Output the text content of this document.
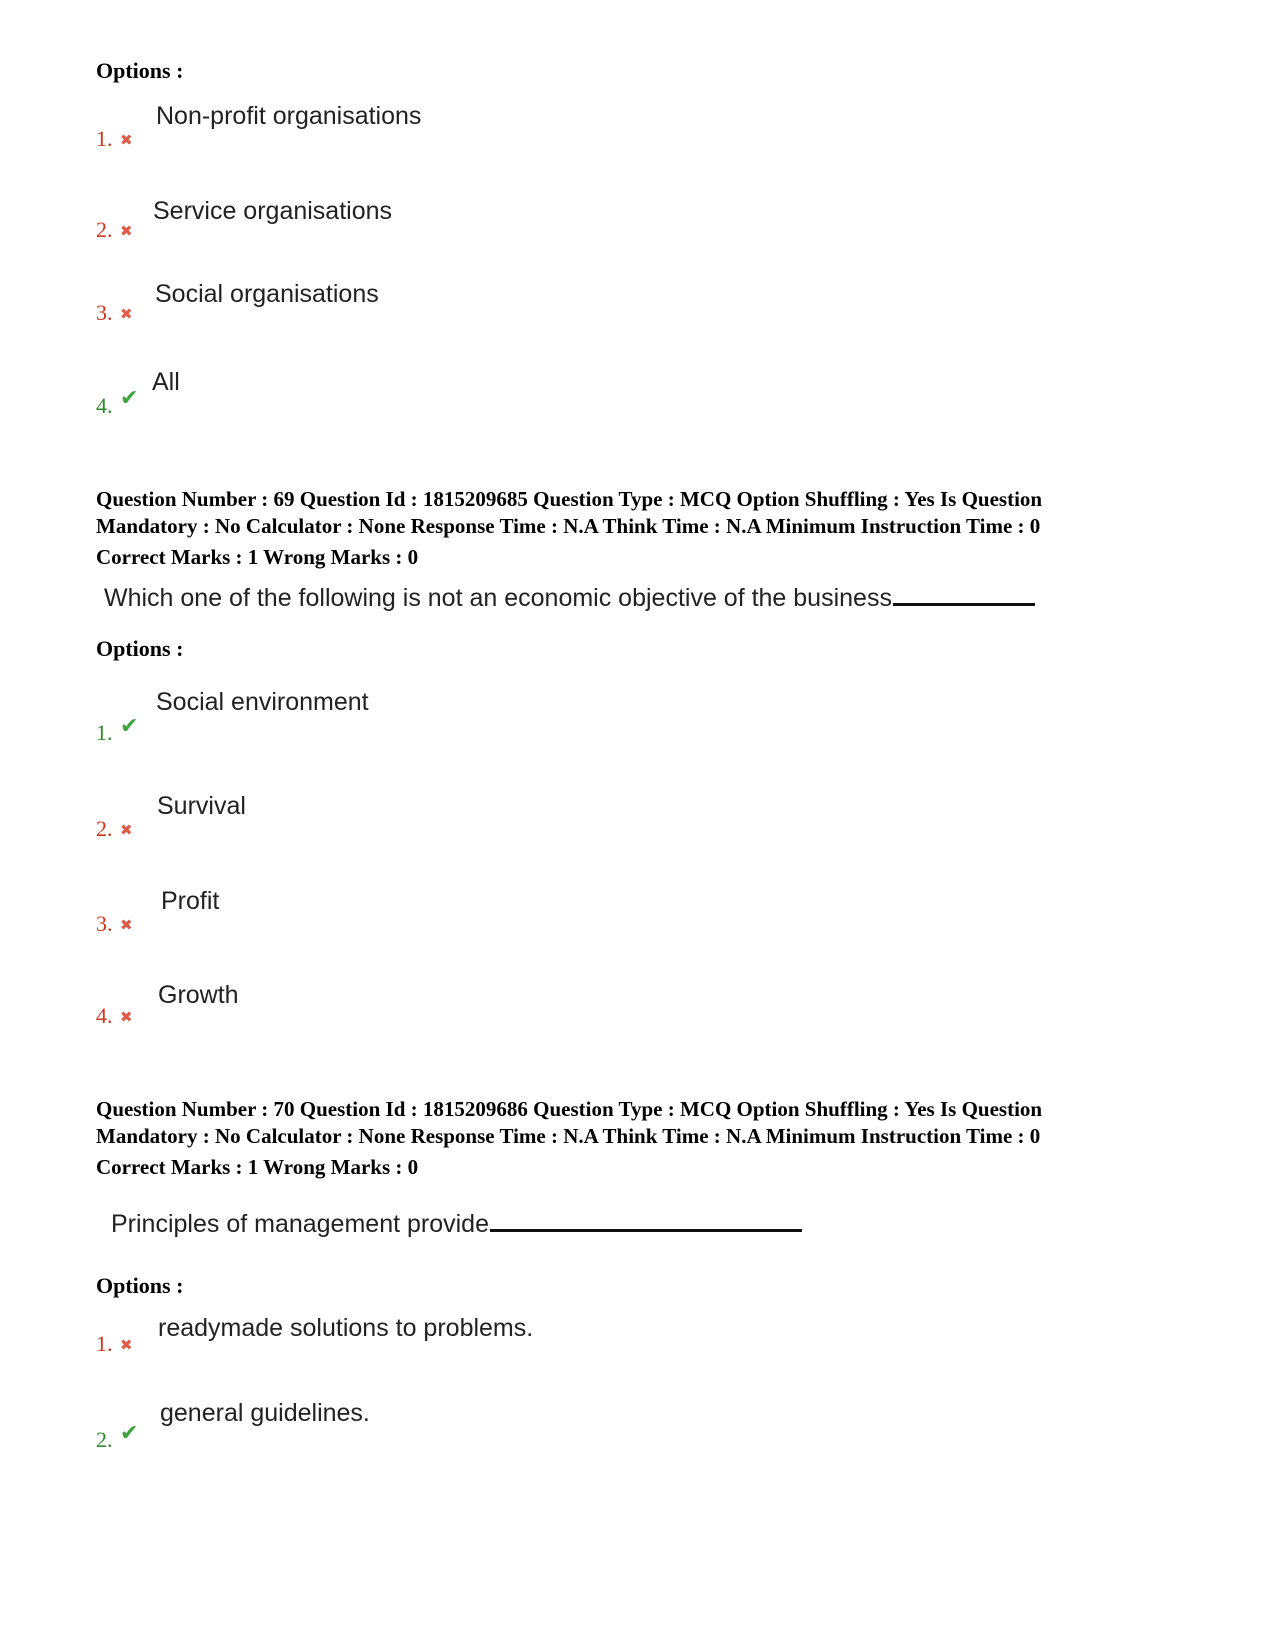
Options :
Non-profit organisations
1. ✖
Service organisations
2. ✖
Social organisations
3. ✖
All
4. ✔
Question Number : 69 Question Id : 1815209685 Question Type : MCQ Option Shuffling : Yes Is Question
Mandatory : No Calculator : None Response Time : N.A Think Time : N.A Minimum Instruction Time : 0
Correct Marks : 1 Wrong Marks : 0
Which one of the following is not an economic objective of the business
Options :
Social environment
1. ✔
Survival
2. ✖
Profit
3. ✖
Growth
4. ✖
Question Number : 70 Question Id : 1815209686 Question Type : MCQ Option Shuffling : Yes Is Question
Mandatory : No Calculator : None Response Time : N.A Think Time : N.A Minimum Instruction Time : 0
Correct Marks : 1 Wrong Marks : 0
Principles of management provide
Options :
readymade solutions to problems.
1. ✖
general guidelines.
2. ✔
